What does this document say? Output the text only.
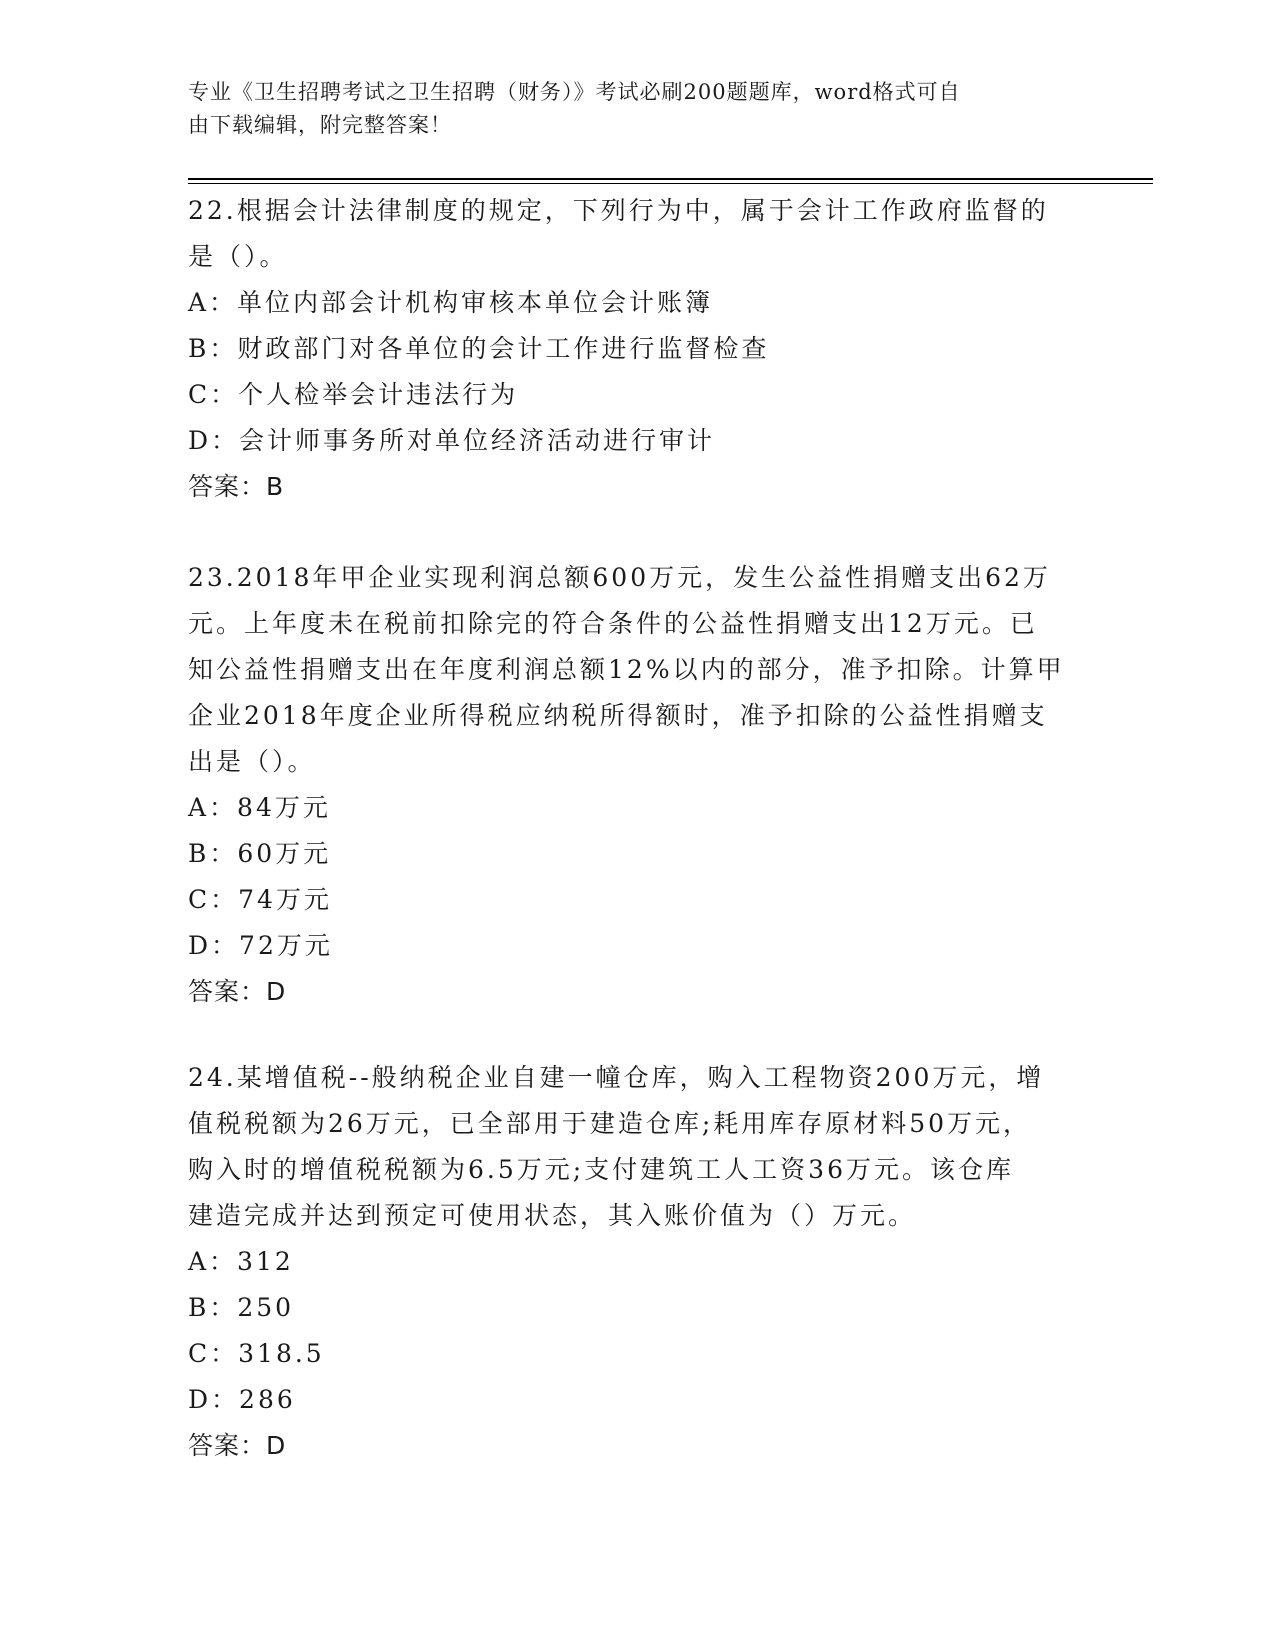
专业《卫生招聘考试之卫生招聘（财务）》考试必刷200题题库，word格式可自
由下载编辑，附完整答案！
22.根据会计法律制度的规定，下列行为中，属于会计工作政府监督的
是（）。
A：单位内部会计机构审核本单位会计账簿
B：财政部门对各单位的会计工作进行监督检查
C：个人检举会计违法行为
D：会计师事务所对单位经济活动进行审计
答案：B
23.2018年甲企业实现利润总额600万元，发生公益性捐赠支出62万
元。上年度未在税前扣除完的符合条件的公益性捐赠支出12万元。已
知公益性捐赠支出在年度利润总额12%以内的部分，准予扣除。计算甲
企业2018年度企业所得税应纳税所得额时，准予扣除的公益性捐赠支
出是（）。
A：84万元
B：60万元
C：74万元
D：72万元
答案：D
24.某增值税--般纳税企业自建一幢仓库，购入工程物资200万元，增
值税税额为26万元，已全部用于建造仓库;耗用库存原材料50万元，
购入时的增值税税额为6.5万元;支付建筑工人工资36万元。该仓库
建造完成并达到预定可使用状态，其入账价值为（）万元。
A：312
B：250
C：318.5
D：286
答案：D
